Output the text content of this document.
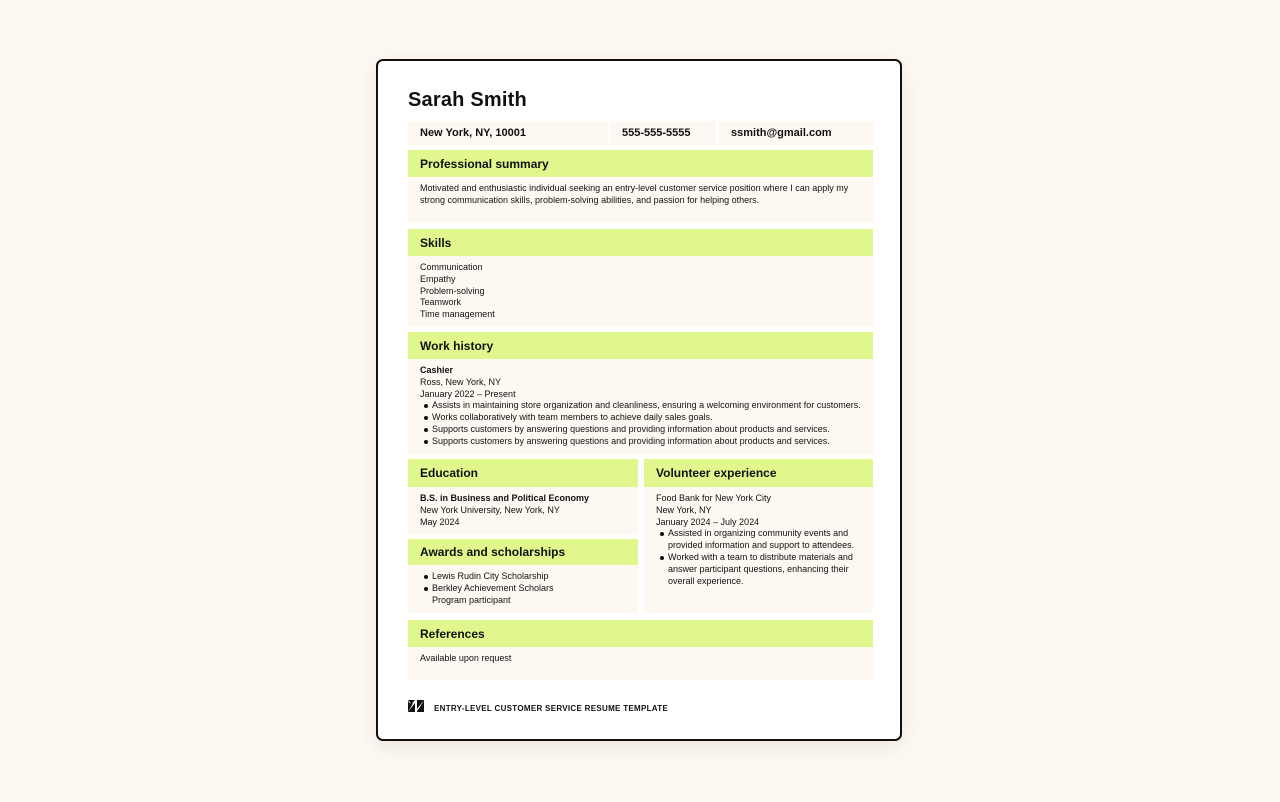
Sarah Smith
New York, NY, 10001	555-555-5555	ssmith@gmail.com
Professional summary
Motivated and enthusiastic individual seeking an entry-level customer service position where I can apply my strong communication skills, problem-solving abilities, and passion for helping others.
Skills
Communication
Empathy
Problem-solving
Teamwork
Time management
Work history
Cashier
Ross, New York, NY
January 2022 – Present
Assists in maintaining store organization and cleanliness, ensuring a welcoming environment for customers.
Works collaboratively with team members to achieve daily sales goals.
Supports customers by answering questions and providing information about products and services.
Supports customers by answering questions and providing information about products and services.
Education
B.S. in Business and Political Economy
New York University, New York, NY
May 2024
Awards and scholarships
Lewis Rudin City Scholarship
Berkley Achievement Scholars Program participant
Volunteer experience
Food Bank for New York City
New York, NY
January 2024 – July 2024
Assisted in organizing community events and provided information and support to attendees.
Worked with a team to distribute materials and answer participant questions, enhancing their overall experience.
References
Available upon request
ENTRY-LEVEL CUSTOMER SERVICE RESUME TEMPLATE
